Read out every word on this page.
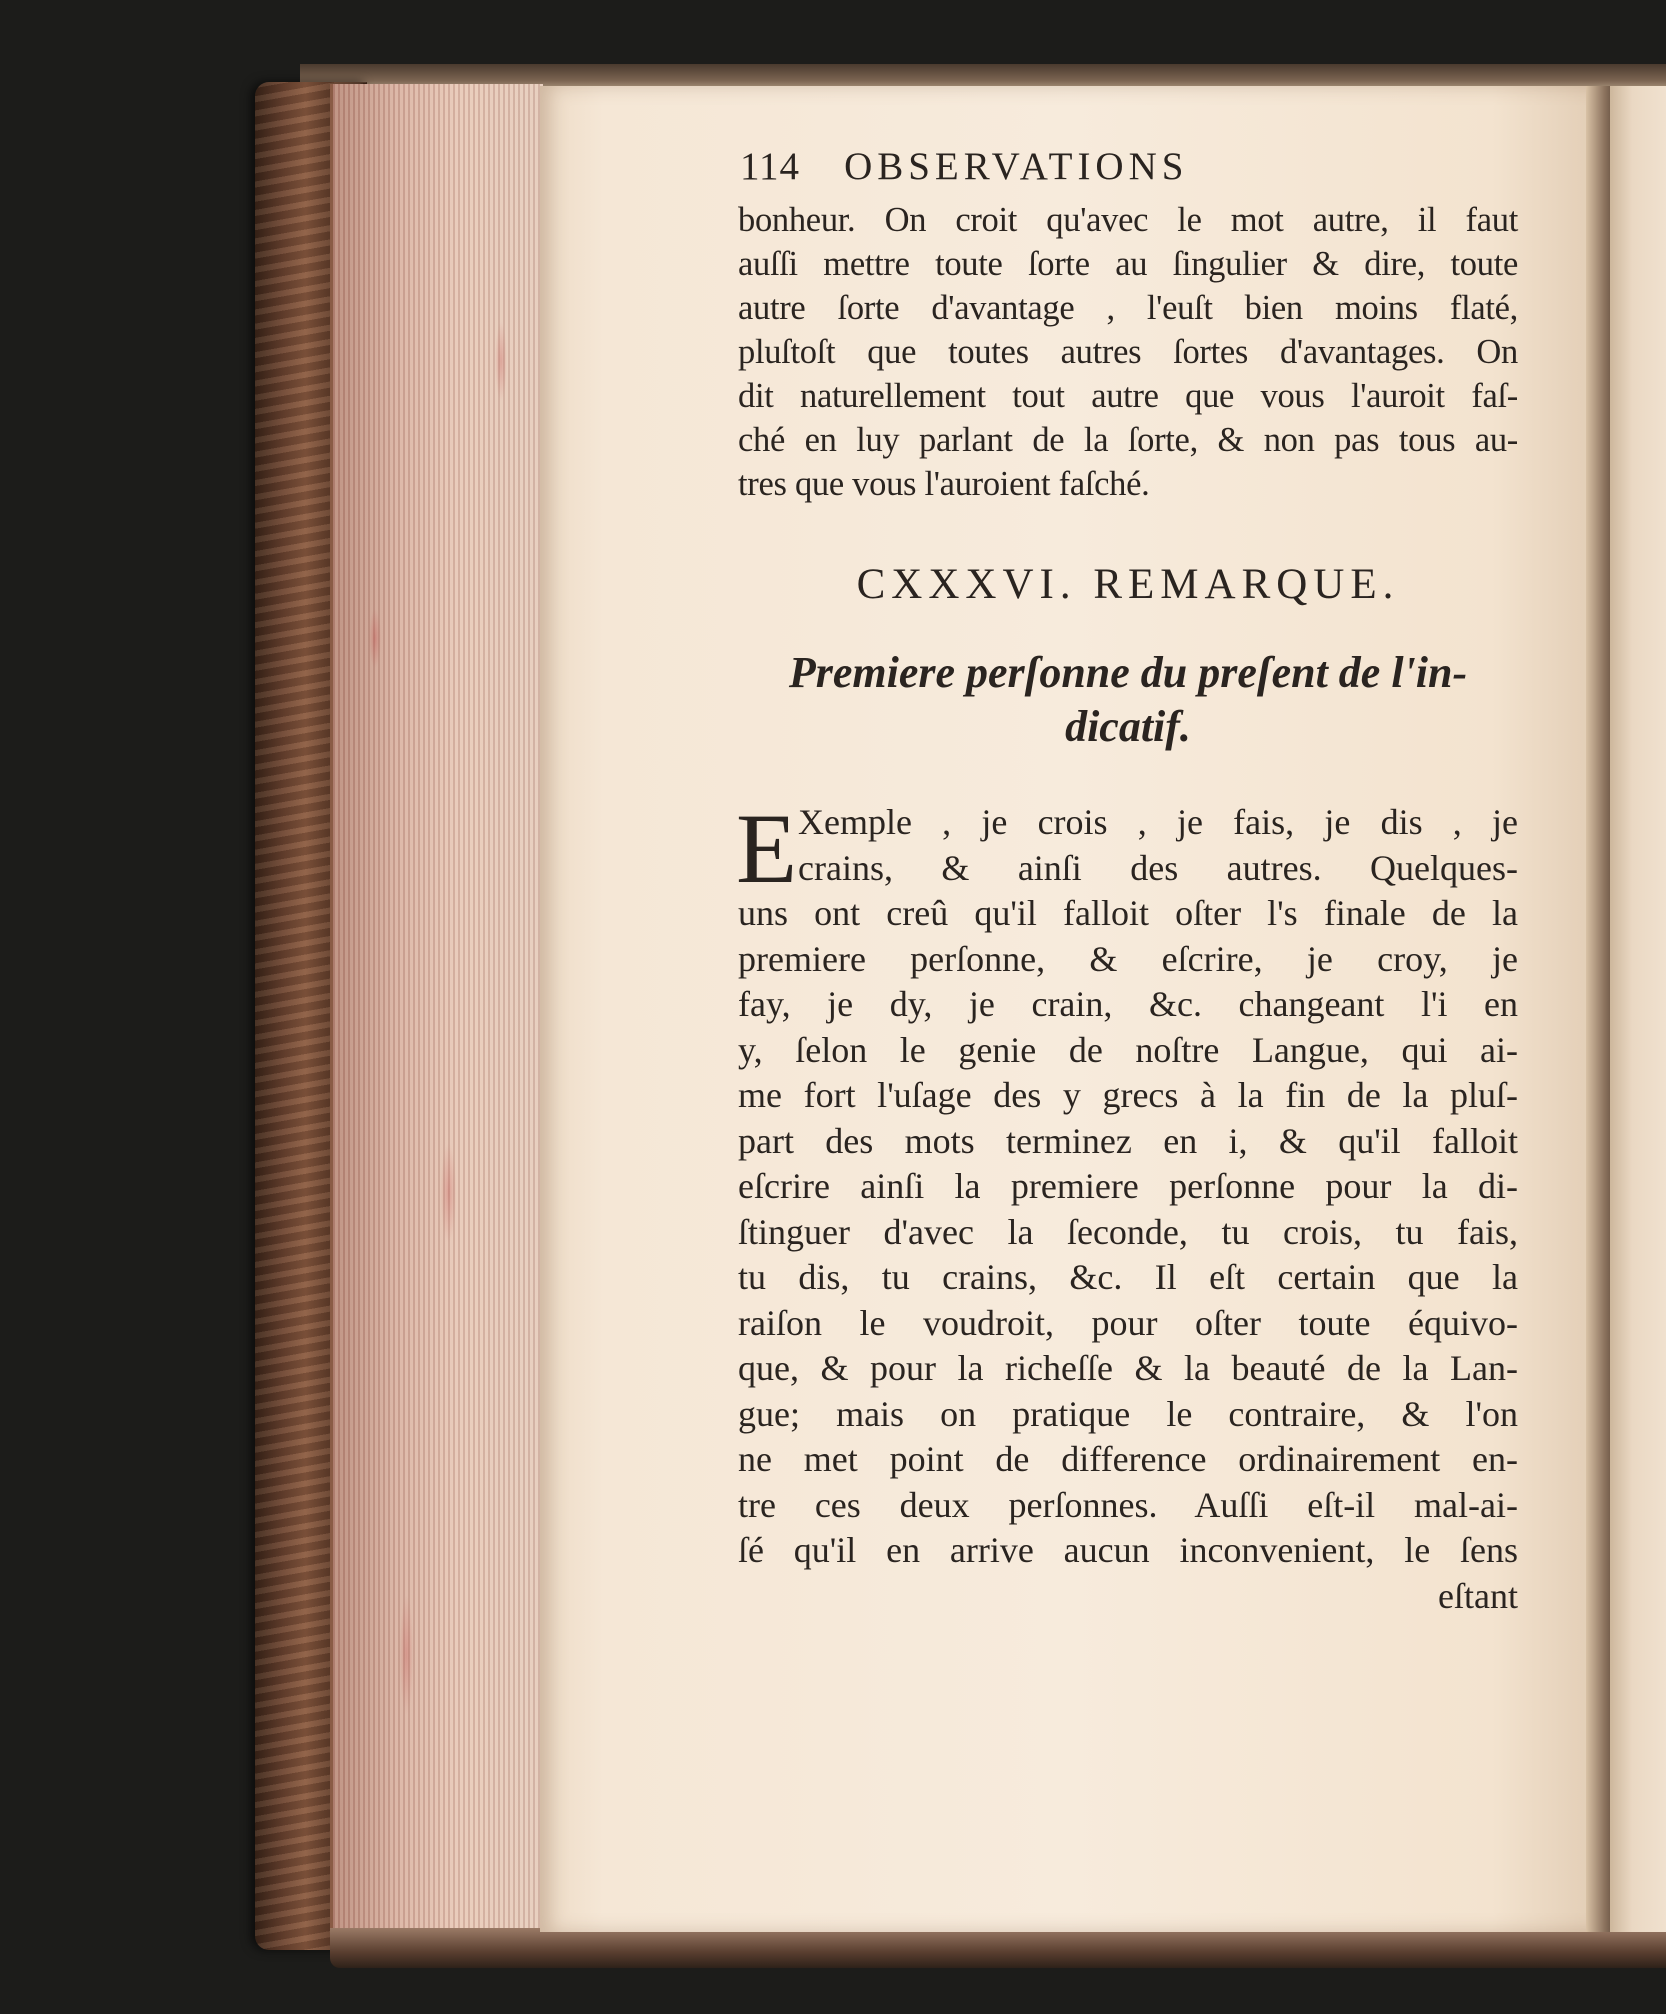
114 OBSERVATIONS
bonheur. On croit qu'avec le mot autre, il faut
auſſi mettre toute ſorte au ſingulier & dire, toute
autre ſorte d'avantage , l'euſt bien moins flaté,
pluſtoſt que toutes autres ſortes d'avantages. On
dit naturellement tout autre que vous l'auroit faſ-
ché en luy parlant de la ſorte, & non pas tous au-
tres que vous l'auroient faſché.
CXXXVI. REMARQUE.
Premiere perſonne du preſent de l'in-
dicatif.
E Xemple , je crois , je fais, je dis , je
crains, & ainſi des autres. Quelques-
uns ont creû qu'il falloit oſter l's finale de la
premiere perſonne, & eſcrire, je croy, je
fay, je dy, je crain, &c. changeant l'i en
y, ſelon le genie de noſtre Langue, qui ai-
me fort l'uſage des y grecs à la fin de la pluſ-
part des mots terminez en i, & qu'il falloit
eſcrire ainſi la premiere perſonne pour la di-
ſtinguer d'avec la ſeconde, tu crois, tu fais,
tu dis, tu crains, &c. Il eſt certain que la
raiſon le voudroit, pour oſter toute équivo-
que, & pour la richeſſe & la beauté de la Lan-
gue; mais on pratique le contraire, & l'on
ne met point de difference ordinairement en-
tre ces deux perſonnes. Auſſi eſt-il mal-ai-
ſé qu'il en arrive aucun inconvenient, le ſens
eſtant
